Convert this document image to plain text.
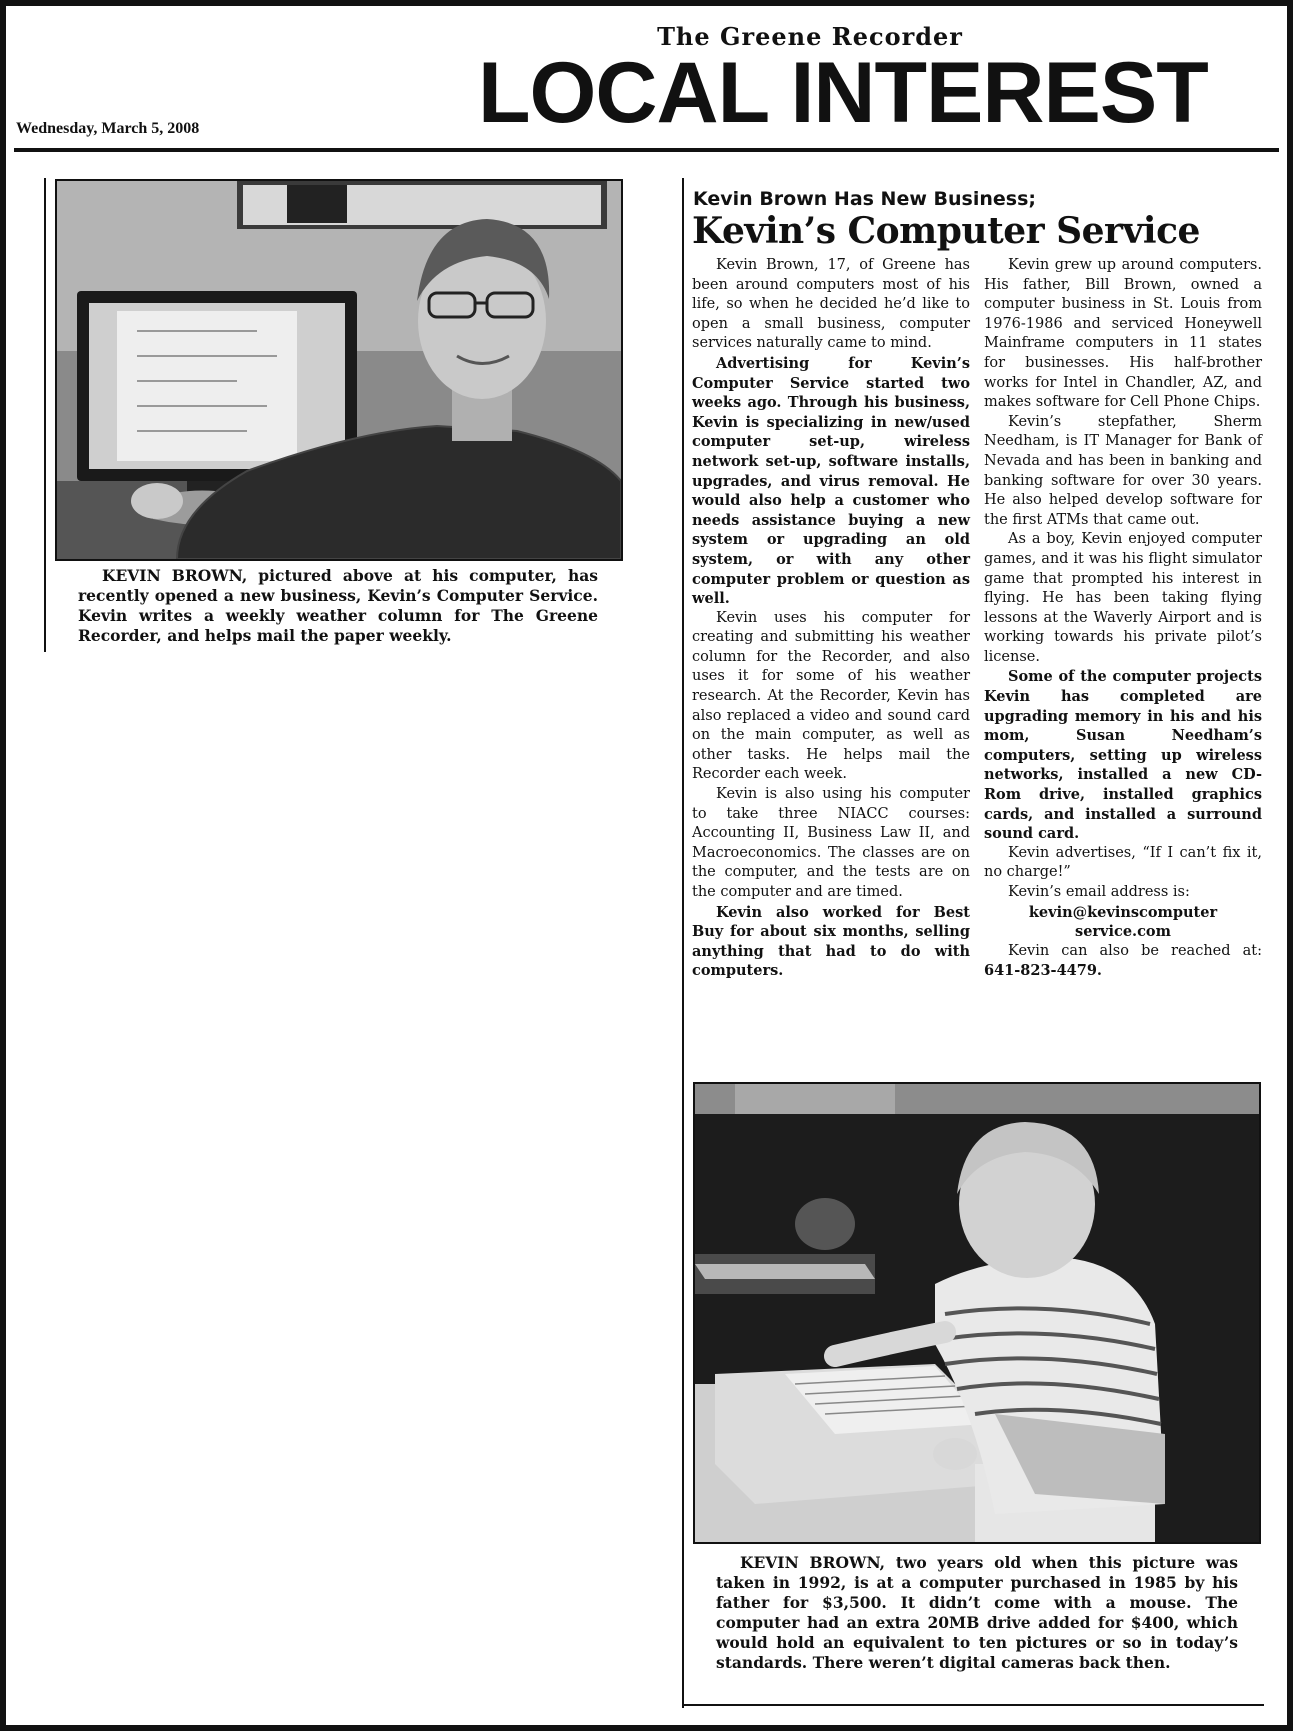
The Greene Recorder
LOCAL INTEREST
Wednesday, March 5, 2008
KEVIN BROWN, pictured above at his computer, has recently opened a new business, Kevin’s Computer Service. Kevin writes a weekly weather column for The Greene Recorder, and helps mail the paper weekly.
Kevin Brown Has New Business;
Kevin’s Computer Service

Kevin Brown, 17, of Greene has been around computers most of his life, so when he decided he’d like to open a small business, computer services naturally came to mind.

Advertising for Kevin’s Computer Service started two weeks ago. Through his business, Kevin is specializing in new/used computer set-up, wireless network set-up, software installs, upgrades, and virus removal. He would also help a customer who needs assistance buying a new system or upgrading an old system, or with any other computer problem or question as well.

Kevin uses his computer for creating and submitting his weather column for the Recorder, and also uses it for some of his weather research. At the Recorder, Kevin has also replaced a video and sound card on the main computer, as well as other tasks. He helps mail the Recorder each week.

Kevin is also using his computer to take three NIACC courses: Accounting II, Business Law II, and Macroeconomics. The classes are on the computer, and the tests are on the computer and are timed.

Kevin also worked for Best Buy for about six months, selling anything that had to do with computers.

Kevin grew up around computers. His father, Bill Brown, owned a computer business in St. Louis from 1976-1986 and serviced Honeywell Mainframe computers in 11 states for businesses. His half-brother works for Intel in Chandler, AZ, and makes software for Cell Phone Chips.

Kevin’s stepfather, Sherm Needham, is IT Manager for Bank of Nevada and has been in banking and banking software for over 30 years. He also helped develop software for the first ATMs that came out.

As a boy, Kevin enjoyed computer games, and it was his flight simulator game that prompted his interest in flying. He has been taking flying lessons at the Waverly Airport and is working towards his private pilot’s license.

Some of the computer projects Kevin has completed are upgrading memory in his and his mom, Susan Needham’s computers, setting up wireless networks, installed a new CD-Rom drive, installed graphics cards, and installed a surround sound card.

Kevin advertises, “If I can’t fix it, no charge!”

Kevin’s email address is:

kevin@kevinscomputer service.com

Kevin can also be reached at: 641-823-4479.

KEVIN BROWN, two years old when this picture was taken in 1992, is at a computer purchased in 1985 by his father for $3,500. It didn’t come with a mouse. The computer had an extra 20MB drive added for $400, which would hold an equivalent to ten pictures or so in today’s standards. There weren’t digital cameras back then.
